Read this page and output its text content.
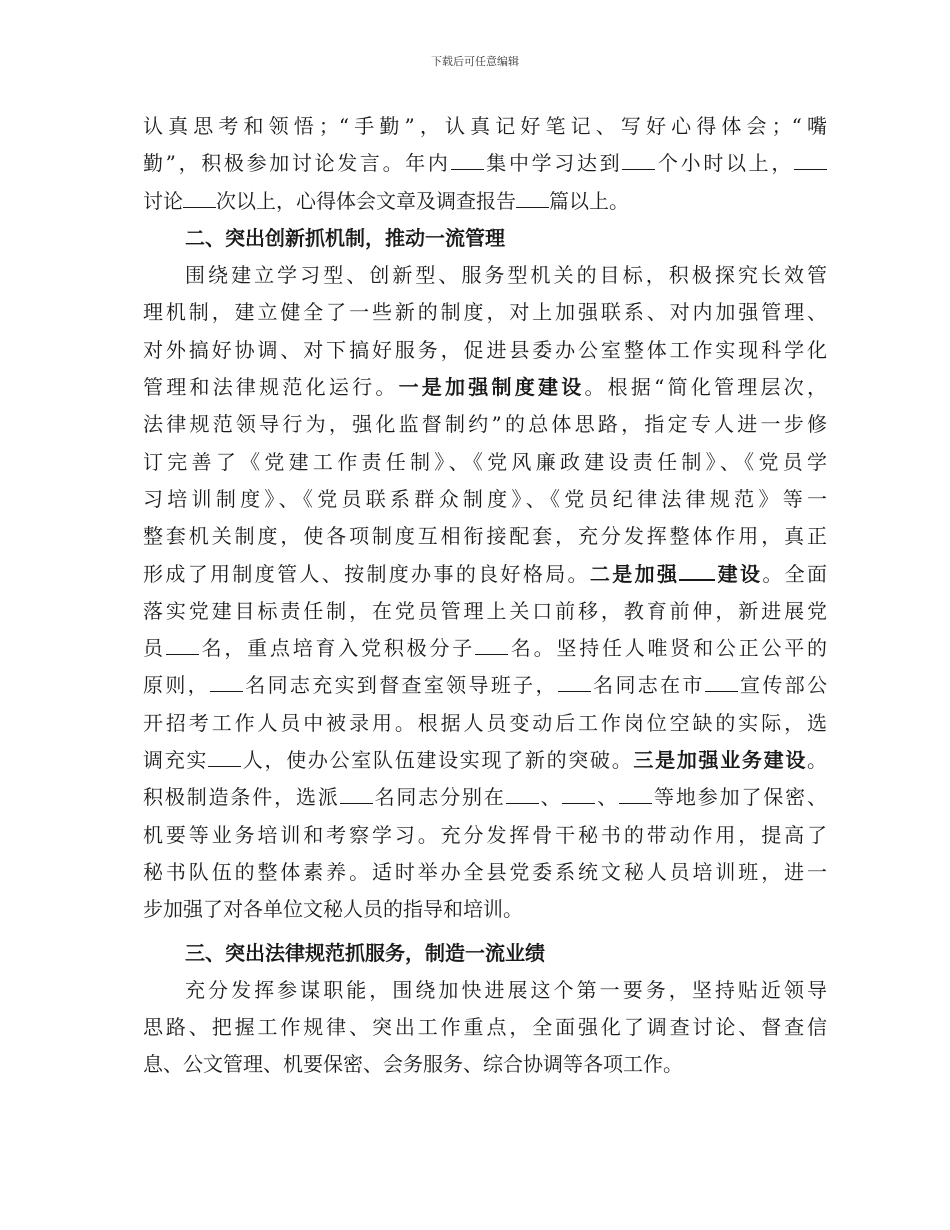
下载后可任意编辑
认真思考和领悟；“手勤”，认真记好笔记、写好心得体会；“嘴
勤”，积极参加讨论发言。年内 集中学习达到 个小时以上，
讨论 次以上，心得体会文章及调查报告 篇以上。
二、突出创新抓机制，推动一流管理
围绕建立学习型、创新型、服务型机关的目标，积极探究长效管
理机制，建立健全了一些新的制度，对上加强联系、对内加强管理、
对外搞好协调、对下搞好服务，促进县委办公室整体工作实现科学化
管理和法律规范化运行。一是加强制度建设。根据“简化管理层次，
法律规范领导行为，强化监督制约”的总体思路，指定专人进一步修
订完善了《党建工作责任制》、《党风廉政建设责任制》、《党员学
习培训制度》、《党员联系群众制度》、《党员纪律法律规范》等一
整套机关制度，使各项制度互相衔接配套，充分发挥整体作用，真正
形成了用制度管人、按制度办事的良好格局。二是加强 建设。全面
落实党建目标责任制，在党员管理上关口前移，教育前伸，新进展党
员 名，重点培育入党积极分子 名。坚持任人唯贤和公正公平的
原则， 名同志充实到督查室领导班子， 名同志在市 宣传部公
开招考工作人员中被录用。根据人员变动后工作岗位空缺的实际，选
调充实 人，使办公室队伍建设实现了新的突破。三是加强业务建设。
积极制造条件，选派 名同志分别在 、 、 等地参加了保密、
机要等业务培训和考察学习。充分发挥骨干秘书的带动作用，提高了
秘书队伍的整体素养。适时举办全县党委系统文秘人员培训班，进一
步加强了对各单位文秘人员的指导和培训。
三、突出法律规范抓服务，制造一流业绩
充分发挥参谋职能，围绕加快进展这个第一要务，坚持贴近领导
思路、把握工作规律、突出工作重点，全面强化了调查讨论、督查信
息、公文管理、机要保密、会务服务、综合协调等各项工作。
